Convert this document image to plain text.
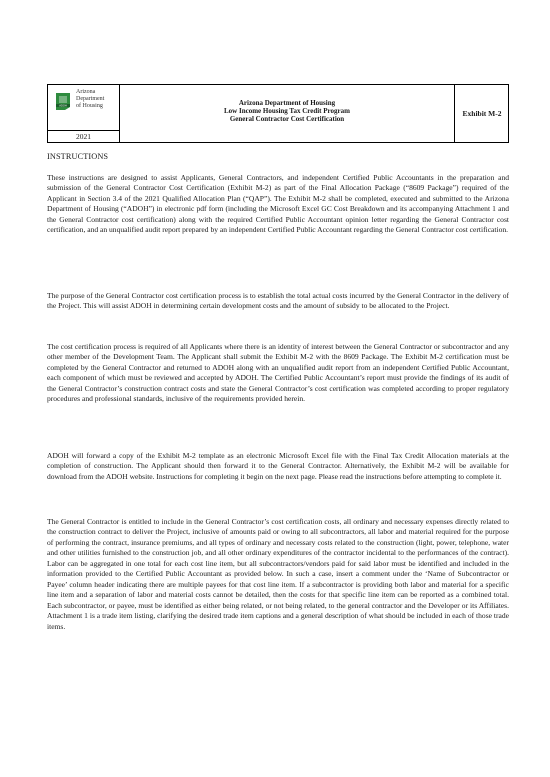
ADOH
Arizona
Department
of Housing
2021
Arizona Department of Housing
Low Income Housing Tax Credit Program
General Contractor Cost Certification
Exhibit M-2
INSTRUCTIONS

These instructions are designed to assist Applicants, General Contractors, and independent Certified Public Accountants in the preparation and submission of the General Contractor Cost Certification (Exhibit M-2) as part of the Final Allocation Package (“8609 Package”) required of the Applicant in Section 3.4 of the 2021 Qualified Allocation Plan (“QAP”). The Exhibit M-2 shall be completed, executed and submitted to the Arizona Department of Housing (“ADOH”) in electronic pdf form (including the Microsoft Excel GC Cost Breakdown and its accompanying Attachment 1 and the General Contractor cost certification) along with the required Certified Public Accountant opinion letter regarding the General Contractor cost certification, and an unqualified audit report prepared by an independent Certified Public Accountant regarding the General Contractor cost certification.

The purpose of the General Contractor cost certification process is to establish the total actual costs incurred by the General Contractor in the delivery of the Project. This will assist ADOH in determining certain development costs and the amount of subsidy to be allocated to the Project.

The cost certification process is required of all Applicants where there is an identity of interest between the General Contractor or subcontractor and any other member of the Development Team. The Applicant shall submit the Exhibit M-2 with the 8609 Package. The Exhibit M-2 certification must be completed by the General Contractor and returned to ADOH along with an unqualified audit report from an independent Certified Public Accountant, each component of which must be reviewed and accepted by ADOH. The Certified Public Accountant’s report must provide the findings of its audit of the General Contractor’s construction contract costs and state the General Contractor’s cost certification was completed according to proper regulatory procedures and professional standards, inclusive of the requirements provided herein.

ADOH will forward a copy of the Exhibit M-2 template as an electronic Microsoft Excel file with the Final Tax Credit Allocation materials at the completion of construction. The Applicant should then forward it to the General Contractor. Alternatively, the Exhibit M-2 will be available for download from the ADOH website. Instructions for completing it begin on the next page. Please read the instructions before attempting to complete it.

The General Contractor is entitled to include in the General Contractor’s cost certification costs, all ordinary and necessary expenses directly related to the construction contract to deliver the Project, inclusive of amounts paid or owing to all subcontractors, all labor and material required for the purpose of performing the contract, insurance premiums, and all types of ordinary and necessary costs related to the construction (light, power, telephone, water and other utilities furnished to the construction job, and all other ordinary expenditures of the contractor incidental to the performances of the contract). Labor can be aggregated in one total for each cost line item, but all subcontractors/vendors paid for said labor must be identified and included in the information provided to the Certified Public Accountant as provided below. In such a case, insert a comment under the ‘Name of Subcontractor or Payee’ column header indicating there are multiple payees for that cost line item. If a subcontractor is providing both labor and material for a specific line item and a separation of labor and material costs cannot be detailed, then the costs for that specific line item can be reported as a combined total. Each subcontractor, or payee, must be identified as either being related, or not being related, to the general contractor and the Developer or its Affiliates. Attachment 1 is a trade item listing, clarifying the desired trade item captions and a general description of what should be included in each of those trade items.
